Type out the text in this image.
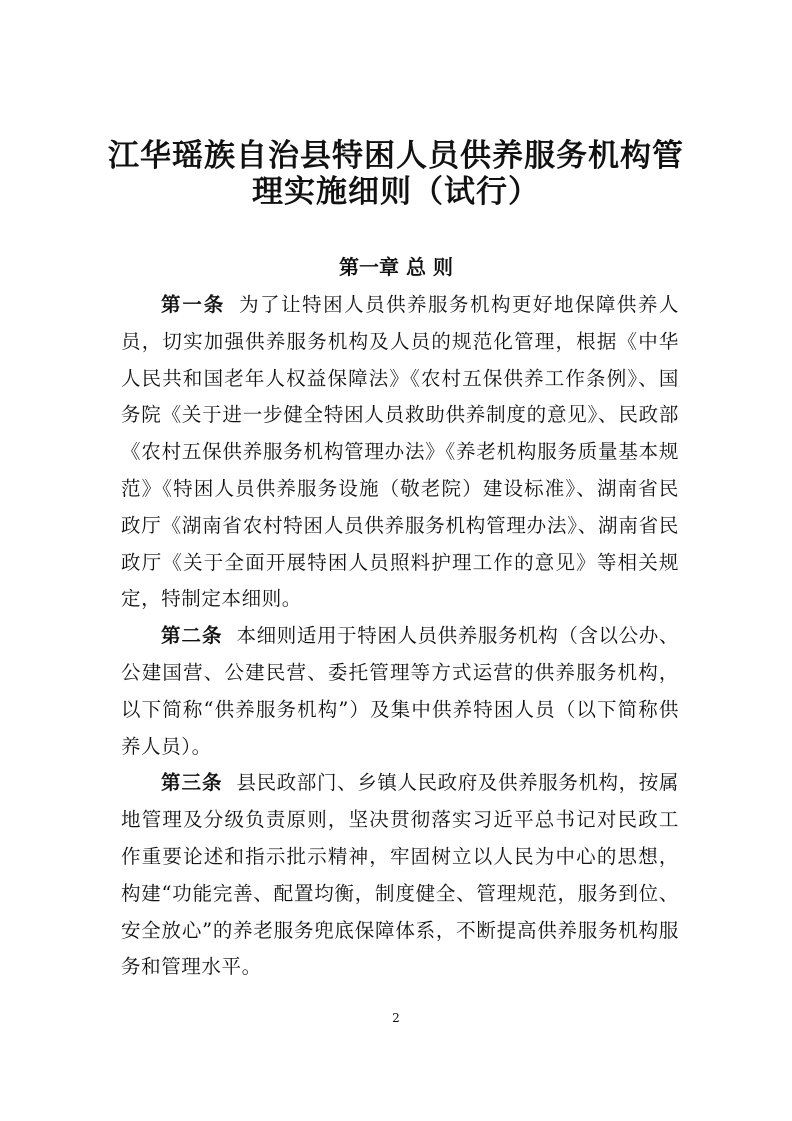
江华瑶族自治县特困人员供养服务机构管
理实施细则（试行）
第一章 总 则

第一条 为了让特困人员供养服务机构更好地保障供养人员，切实加强供养服务机构及人员的规范化管理，根据《中华人民共和国老年人权益保障法》《农村五保供养工作条例》、国务院《关于进一步健全特困人员救助供养制度的意见》、民政部《农村五保供养服务机构管理办法》《养老机构服务质量基本规范》《特困人员供养服务设施（敬老院）建设标准》、湖南省民政厅《湖南省农村特困人员供养服务机构管理办法》、湖南省民政厅《关于全面开展特困人员照料护理工作的意见》等相关规定，特制定本细则。

第二条 本细则适用于特困人员供养服务机构（含以公办、公建国营、公建民营、委托管理等方式运营的供养服务机构，以下简称“供养服务机构”）及集中供养特困人员（以下简称供养人员）。

第三条 县民政部门、乡镇人民政府及供养服务机构，按属地管理及分级负责原则，坚决贯彻落实习近平总书记对民政工作重要论述和指示批示精神，牢固树立以人民为中心的思想，构建“功能完善、配置均衡，制度健全、管理规范，服务到位、安全放心”的养老服务兜底保障体系，不断提高供养服务机构服务和管理水平。

2
